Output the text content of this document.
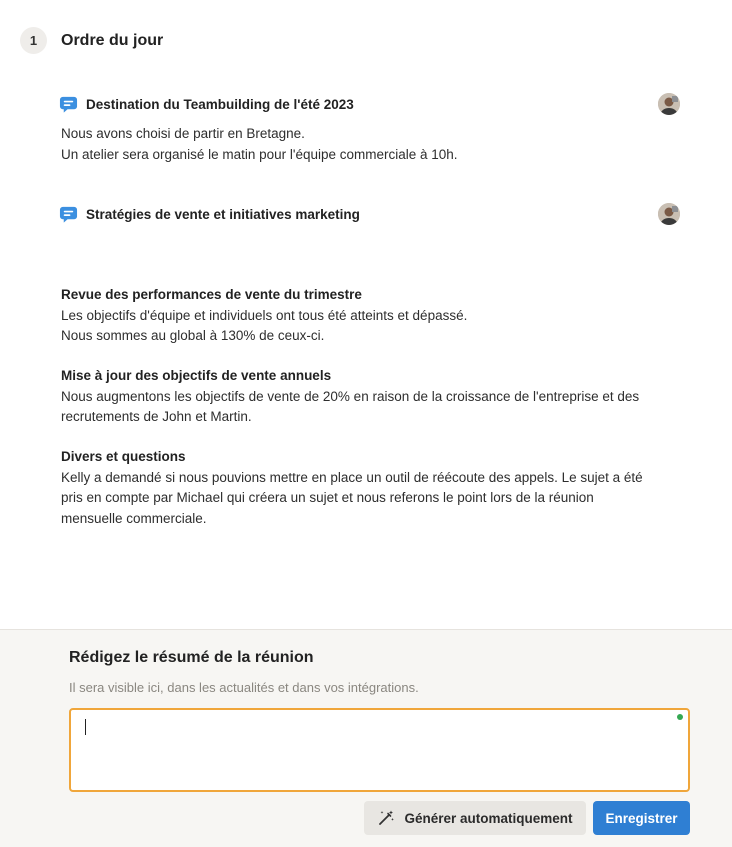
1	Ordre du jour
Destination du Teambuilding de l'été 2023
Nous avons choisi de partir en Bretagne.
Un atelier sera organisé le matin pour l'équipe commerciale à 10h.
Stratégies de vente et initiatives marketing
Revue des performances de vente du trimestre
Les objectifs d'équipe et individuels ont tous été atteints et dépassé.
Nous sommes au global à 130% de ceux-ci.
Mise à jour des objectifs de vente annuels
Nous augmentons les objectifs de vente de 20% en raison de la croissance de l'entreprise et des
recrutements de John et Martin.
Divers et questions
Kelly a demandé si nous pouvions mettre en place un outil de réécoute des appels. Le sujet a été
pris en compte par Michael qui créera un sujet et nous referons le point lors de la réunion
mensuelle commerciale.
Rédigez le résumé de la réunion
Il sera visible ici, dans les actualités et dans vos intégrations.
Générer automatiquement	Enregistrer
